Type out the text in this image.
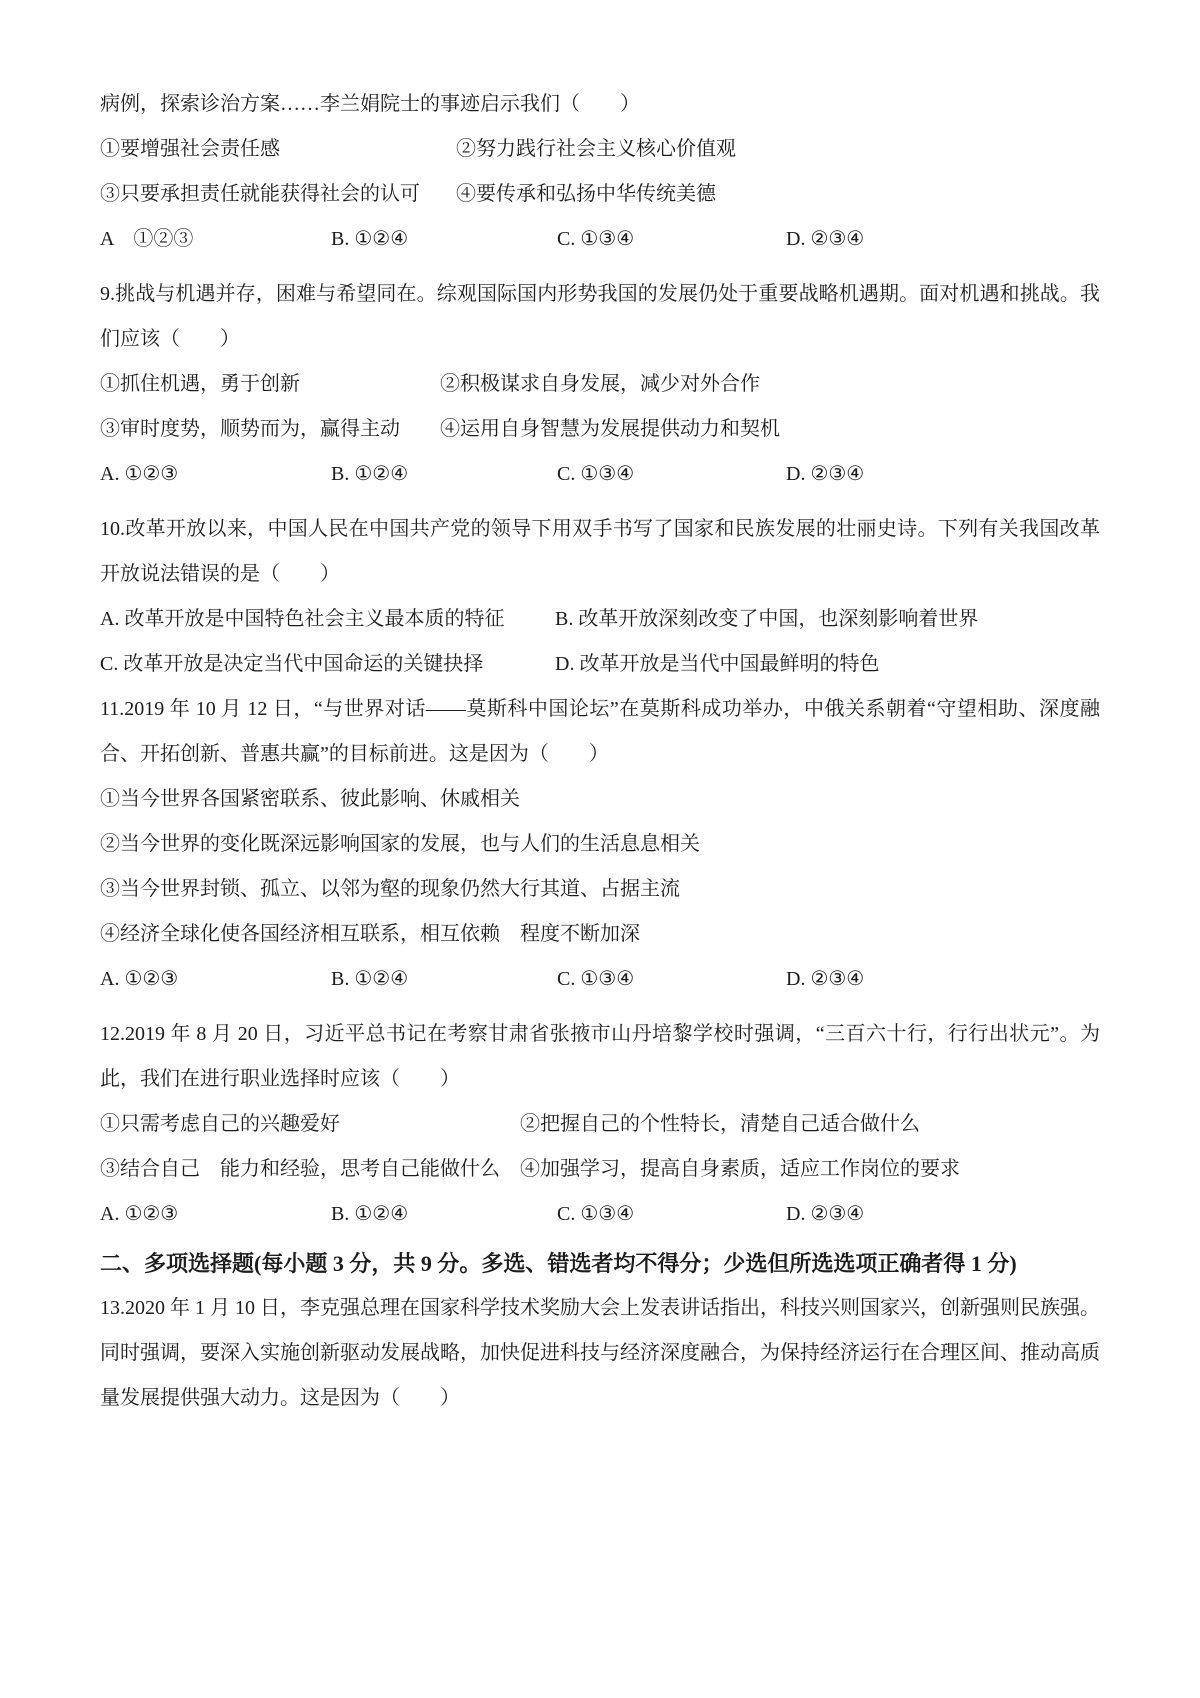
病例，探索诊治方案……李兰娟院士的事迹启示我们（　　）

①要增强社会责任感	②努力践行社会主义核心价值观
③只要承担责任就能获得社会的认可	④要传承和弘扬中华传统美德
A　①②③	B. ①②④	C. ①③④	D. ②③④

9.挑战与机遇并存，困难与希望同在。综观国际国内形势我国的发展仍处于重要战略机遇期。面对机遇和挑战。我们应该（　　）

①抓住机遇，勇于创新	②积极谋求自身发展，减少对外合作
③审时度势，顺势而为，赢得主动	④运用自身智慧为发展提供动力和契机
A. ①②③	B. ①②④	C. ①③④	D. ②③④

10.改革开放以来，中国人民在中国共产党的领导下用双手书写了国家和民族发展的壮丽史诗。下列有关我国改革开放说法错误的是（　　）

A. 改革开放是中国特色社会主义最本质的特征	B. 改革开放深刻改变了中国，也深刻影响着世界
C. 改革开放是决定当代中国命运的关键抉择	D. 改革开放是当代中国最鲜明的特色

11.2019 年 10 月 12 日，“与世界对话——莫斯科中国论坛”在莫斯科成功举办，中俄关系朝着“守望相助、深度融合、开拓创新、普惠共赢”的目标前进。这是因为（　　）

①当今世界各国紧密联系、彼此影响、休戚相关

②当今世界的变化既深远影响国家的发展，也与人们的生活息息相关

③当今世界封锁、孤立、以邻为壑的现象仍然大行其道、占据主流

④经济全球化使各国经济相互联系，相互依赖　程度不断加深

A. ①②③	B. ①②④	C. ①③④	D. ②③④

12.2019 年 8 月 20 日，习近平总书记在考察甘肃省张掖市山丹培黎学校时强调，“三百六十行，行行出状元”。为此，我们在进行职业选择时应该（　　）

①只需考虑自己的兴趣爱好	②把握自己的个性特长，清楚自己适合做什么
③结合自己　能力和经验，思考自己能做什么	④加强学习，提高自身素质，适应工作岗位的要求
A. ①②③	B. ①②④	C. ①③④	D. ②③④

二、多项选择题(每小题 3 分，共 9 分。多选、错选者均不得分；少选但所选选项正确者得 1 分)

13.2020 年 1 月 10 日，李克强总理在国家科学技术奖励大会上发表讲话指出，科技兴则国家兴，创新强则民族强。同时强调，要深入实施创新驱动发展战略，加快促进科技与经济深度融合，为保持经济运行在合理区间、推动高质量发展提供强大动力。这是因为（　　）
